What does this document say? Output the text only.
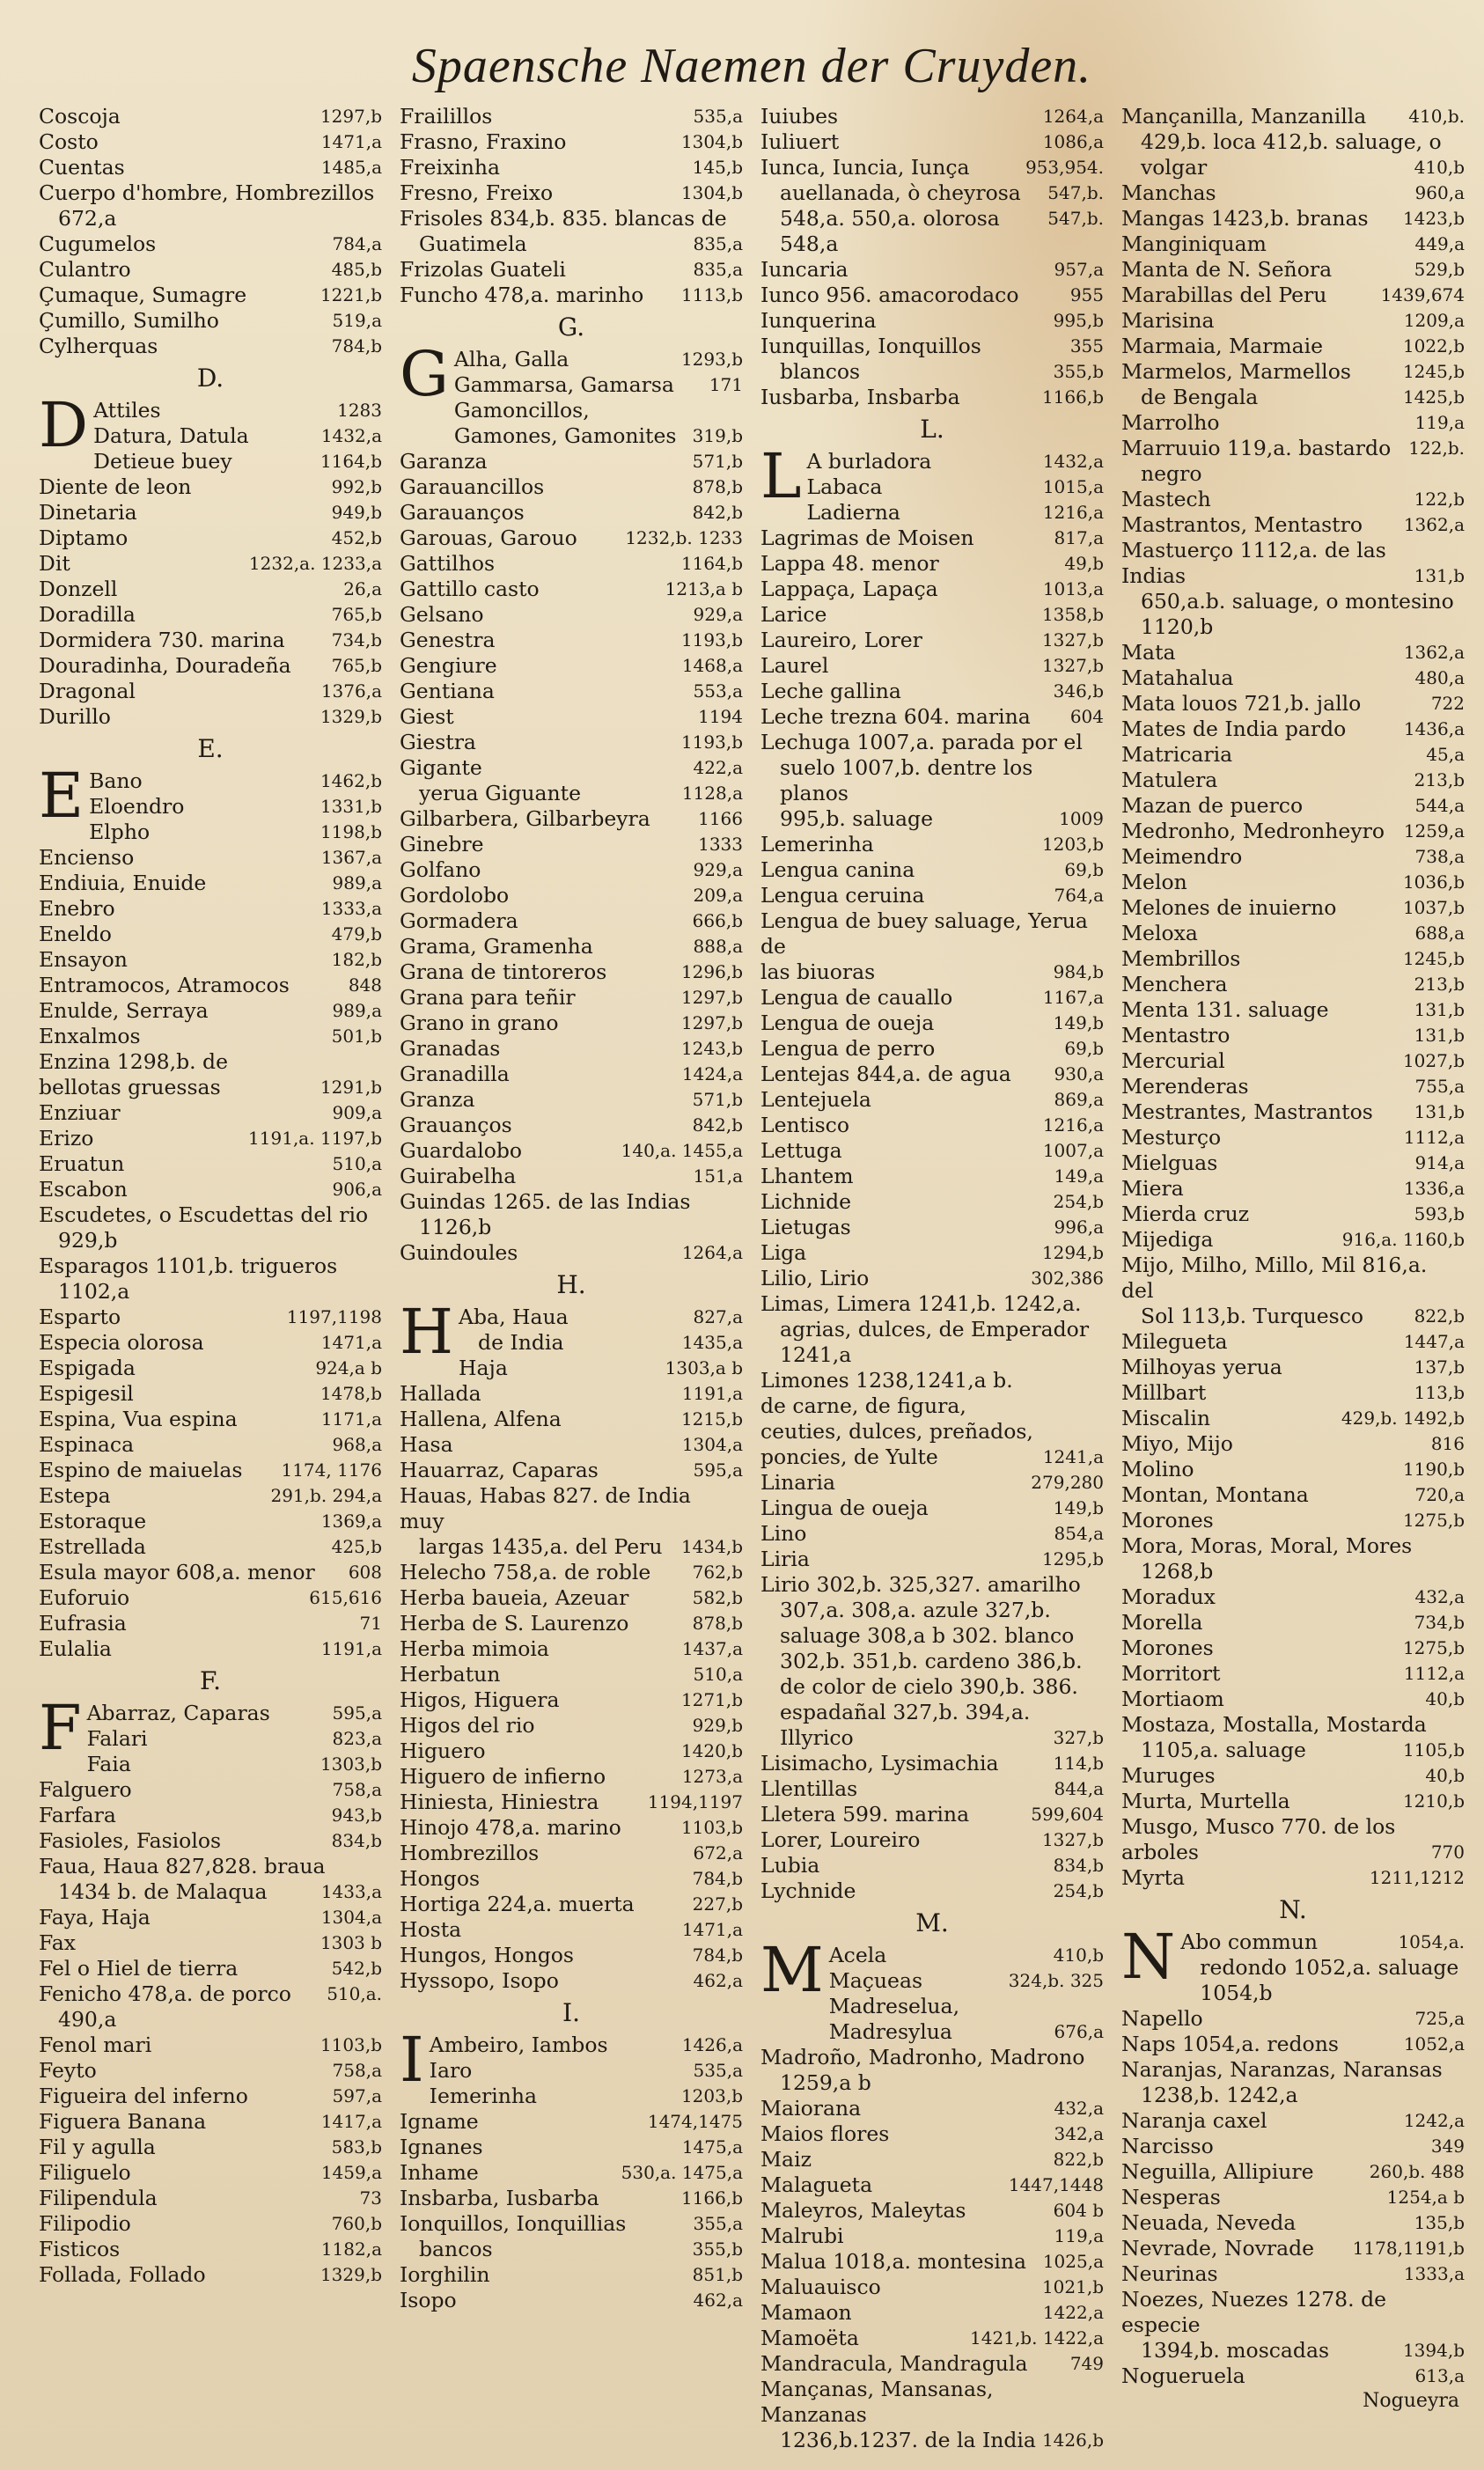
Spaensche Naemen der Cruyden.
Coscoja	1297,b
Costo	1471,a
Cuentas	1485,a
Cuerpo d'hombre, Hombrezillos
672,a
Cugumelos	784,a
Culantro	485,b
Çumaque, Sumagre	1221,b
Çumillo, Sumilho	519,a
Cylherquas	784,b
D.
D Attiles	1283
Datura, Datula	1432,a
Detieue buey	1164,b
Diente de leon	992,b
Dinetaria	949,b
Diptamo	452,b
Dit	1232,a. 1233,a
Donzell	26,a
Doradilla	765,b
Dormidera 730. marina	734,b
Douradinha, Douradeña	765,b
Dragonal	1376,a
Durillo	1329,b
E.
E Bano	1462,b
Eloendro	1331,b
Elpho	1198,b
Encienso	1367,a
Endiuia, Enuide	989,a
Enebro	1333,a
Eneldo	479,b
Ensayon	182,b
Entramocos, Atramocos	848
Enulde, Serraya	989,a
Enxalmos	501,b
Enzina 1298,b. de bellotas gruessas	1291,b
Enziuar	909,a
Erizo	1191,a. 1197,b
Eruatun	510,a
Escabon	906,a
Escudetes, o Escudettas del rio
929,b
Esparagos 1101,b. trigueros
1102,a
Esparto	1197,1198
Especia olorosa	1471,a
Espigada	924,a b
Espigesil	1478,b
Espina, Vua espina	1171,a
Espinaca	968,a
Espino de maiuelas	1174, 1176
Estepa	291,b. 294,a
Estoraque	1369,a
Estrellada	425,b
Esula mayor 608,a. menor	608
Euforuio	615,616
Eufrasia	71
Eulalia	1191,a
F.
F Abarraz, Caparas	595,a
Falari	823,a
Faia	1303,b
Falguero	758,a
Farfara	943,b
Fasioles, Fasiolos	834,b
Faua, Haua 827,828. braua
1434 b. de Malaqua	1433,a
Faya, Haja	1304,a
Fax	1303 b
Fel o Hiel de tierra	542,b
Fenicho 478,a. de porco	510,a.
490,a
Fenol mari	1103,b
Feyto	758,a
Figueira del inferno	597,a
Figuera Banana	1417,a
Fil y agulla	583,b
Filiguelo	1459,a
Filipendula	73
Filipodio	760,b
Fisticos	1182,a
Follada, Follado	1329,b
Frailillos	535,a
Frasno, Fraxino	1304,b
Freixinha	145,b
Fresno, Freixo	1304,b
Frisoles 834,b. 835. blancas de
Guatimela	835,a
Frizolas Guateli	835,a
Funcho 478,a. marinho	1113,b
G.
G Alha, Galla	1293,b
Gammarsa, Gamarsa	171
Gamoncillos, Gamones, Gamonites 319,b
Garanza	571,b
Garauancillos	878,b
Garauanços	842,b
Garouas, Garouo	1232,b. 1233
Gattilhos	1164,b
Gattillo casto	1213,a b
Gelsano	929,a
Genestra	1193,b
Gengiure	1468,a
Gentiana	553,a
Giest	1194
Giestra	1193,b
Gigante	422,a
yerua Giguante	1128,a
Gilbarbera, Gilbarbeyra	1166
Ginebre	1333
Golfano	929,a
Gordolobo	209,a
Gormadera	666,b
Grama, Gramenha	888,a
Grana de tintoreros	1296,b
Grana para teñir	1297,b
Grano in grano	1297,b
Granadas	1243,b
Granadilla	1424,a
Granza	571,b
Grauanços	842,b
Guardalobo	140,a. 1455,a
Guirabelha	151,a
Guindas 1265. de las Indias
1126,b
Guindoules	1264,a
H.
H Aba, Haua	827,a
de India	1435,a
Haja	1303,a b
Hallada	1191,a
Hallena, Alfena	1215,b
Hasa	1304,a
Hauarraz, Caparas	595,a
Hauas, Habas 827. de India muy
largas 1435,a. del Peru	1434,b
Helecho 758,a. de roble	762,b
Herba baueia, Azeuar	582,b
Herba de S. Laurenzo	878,b
Herba mimoia	1437,a
Herbatun	510,a
Higos, Higuera	1271,b
Higos del rio	929,b
Higuero	1420,b
Higuero de infierno	1273,a
Hiniesta, Hiniestra	1194,1197
Hinojo 478,a. marino	1103,b
Hombrezillos	672,a
Hongos	784,b
Hortiga 224,a. muerta	227,b
Hosta	1471,a
Hungos, Hongos	784,b
Hyssopo, Isopo	462,a
I.
I Ambeiro, Iambos	1426,a
Iaro	535,a
Iemerinha	1203,b
Igname	1474,1475
Ignanes	1475,a
Inhame	530,a. 1475,a
Insbarba, Iusbarba	1166,b
Ionquillos, Ionquillias	355,a
bancos	355,b
Iorghilin	851,b
Isopo	462,a
Iuiubes	1264,a
Iuliuert	1086,a
Iunca, Iuncia, Iunça	953,954.
auellanada, ò cheyrosa	547,b.
548,a. 550,a. olorosa	547,b.
548,a
Iuncaria	957,a
Iunco 956. amacorodaco	955
Iunquerina	995,b
Iunquillas, Ionquillos	355
blancos	355,b
Iusbarba, Insbarba	1166,b
L.
L A burladora	1432,a
Labaca	1015,a
Ladierna	1216,a
Lagrimas de Moisen	817,a
Lappa 48. menor	49,b
Lappaça, Lapaça	1013,a
Larice	1358,b
Laureiro, Lorer	1327,b
Laurel	1327,b
Leche gallina	346,b
Leche trezna 604. marina	604
Lechuga 1007,a. parada por el
suelo 1007,b. dentre los planos
995,b. saluage	1009
Lemerinha	1203,b
Lengua canina	69,b
Lengua ceruina	764,a
Lengua de buey saluage, Yerua de
las biuoras	984,b
Lengua de cauallo	1167,a
Lengua de oueja	149,b
Lengua de perro	69,b
Lentejas 844,a. de agua	930,a
Lentejuela	869,a
Lentisco	1216,a
Lettuga	1007,a
Lhantem	149,a
Lichnide	254,b
Lietugas	996,a
Liga	1294,b
Lilio, Lirio	302,386
Limas, Limera 1241,b. 1242,a.
agrias, dulces, de Emperador
1241,a
Limones 1238,1241,a b. de carne, de figura, ceuties, dulces, preñados, poncies, de Yulte	1241,a
Linaria	279,280
Lingua de oueja	149,b
Lino	854,a
Liria	1295,b
Lirio 302,b. 325,327. amarilho
307,a. 308,a. azule 327,b.
saluage 308,a b 302. blanco
302,b. 351,b. cardeno 386,b.
de color de cielo 390,b. 386.
espadañal 327,b. 394,a. Illyrico	327,b
Lisimacho, Lysimachia	114,b
Llentillas	844,a
Lletera 599. marina	599,604
Lorer, Loureiro	1327,b
Lubia	834,b
Lychnide	254,b
M.
M Acela	410,b
Maçueas	324,b. 325
Madreselua, Madresylua	676,a
Madroño, Madronho, Madrono
1259,a b
Maiorana	432,a
Maios flores	342,a
Maiz	822,b
Malagueta	1447,1448
Maleyros, Maleytas	604 b
Malrubi	119,a
Malua 1018,a. montesina 1025,a
Maluauisco	1021,b
Mamaon	1422,a
Mamoëta	1421,b. 1422,a
Mandracula, Mandragula	749
Mançanas, Mansanas, Manzanas
1236,b.1237. de la India 1426,b
Mançanilla, Manzanilla	410,b.
429,b. loca 412,b. saluage, o
volgar	410,b
Manchas	960,a
Mangas 1423,b. branas	1423,b
Manginiquam	449,a
Manta de N. Señora	529,b
Marabillas del Peru	1439,674
Marisina	1209,a
Marmaia, Marmaie	1022,b
Marmelos, Marmellos	1245,b
de Bengala	1425,b
Marrolho	119,a
Marruuio 119,a. bastardo	122,b.
negro
Mastech	122,b
Mastrantos, Mentastro	1362,a
Mastuerço 1112,a. de las Indias	131,b
650,a.b. saluage, o montesino
1120,b
Mata	1362,a
Matahalua	480,a
Mata louos 721,b. jallo	722
Mates de India pardo	1436,a
Matricaria	45,a
Matulera	213,b
Mazan de puerco	544,a
Medronho, Medronheyro	1259,a
Meimendro	738,a
Melon	1036,b
Melones de inuierno	1037,b
Meloxa	688,a
Membrillos	1245,b
Menchera	213,b
Menta 131. saluage	131,b
Mentastro	131,b
Mercurial	1027,b
Merenderas	755,a
Mestrantes, Mastrantos	131,b
Mesturço	1112,a
Mielguas	914,a
Miera	1336,a
Mierda cruz	593,b
Mijediga	916,a. 1160,b
Mijo, Milho, Millo, Mil 816,a. del
Sol 113,b. Turquesco	822,b
Milegueta	1447,a
Milhoyas yerua	137,b
Millbart	113,b
Miscalin	429,b. 1492,b
Miyo, Mijo	816
Molino	1190,b
Montan, Montana	720,a
Morones	1275,b
Mora, Moras, Moral, Mores
1268,b
Moradux	432,a
Morella	734,b
Morones	1275,b
Morritort	1112,a
Mortiaom	40,b
Mostaza, Mostalla, Mostarda
1105,a. saluage	1105,b
Muruges	40,b
Murta, Murtella	1210,b
Musgo, Musco 770. de los arboles	770
Myrta	1211,1212
N.
N Abo commun	1054,a.
redondo 1052,a. saluage
1054,b
Napello	725,a
Naps 1054,a. redons	1052,a
Naranjas, Naranzas, Naransas
1238,b. 1242,a
Naranja caxel	1242,a
Narcisso	349
Neguilla, Allipiure	260,b. 488
Nesperas	1254,a b
Neuada, Neveda	135,b
Nevrade, Novrade	1178,1191,b
Neurinas	1333,a
Noezes, Nuezes 1278. de especie
1394,b. moscadas	1394,b
Nogueruela	613,a
Nogueyra
